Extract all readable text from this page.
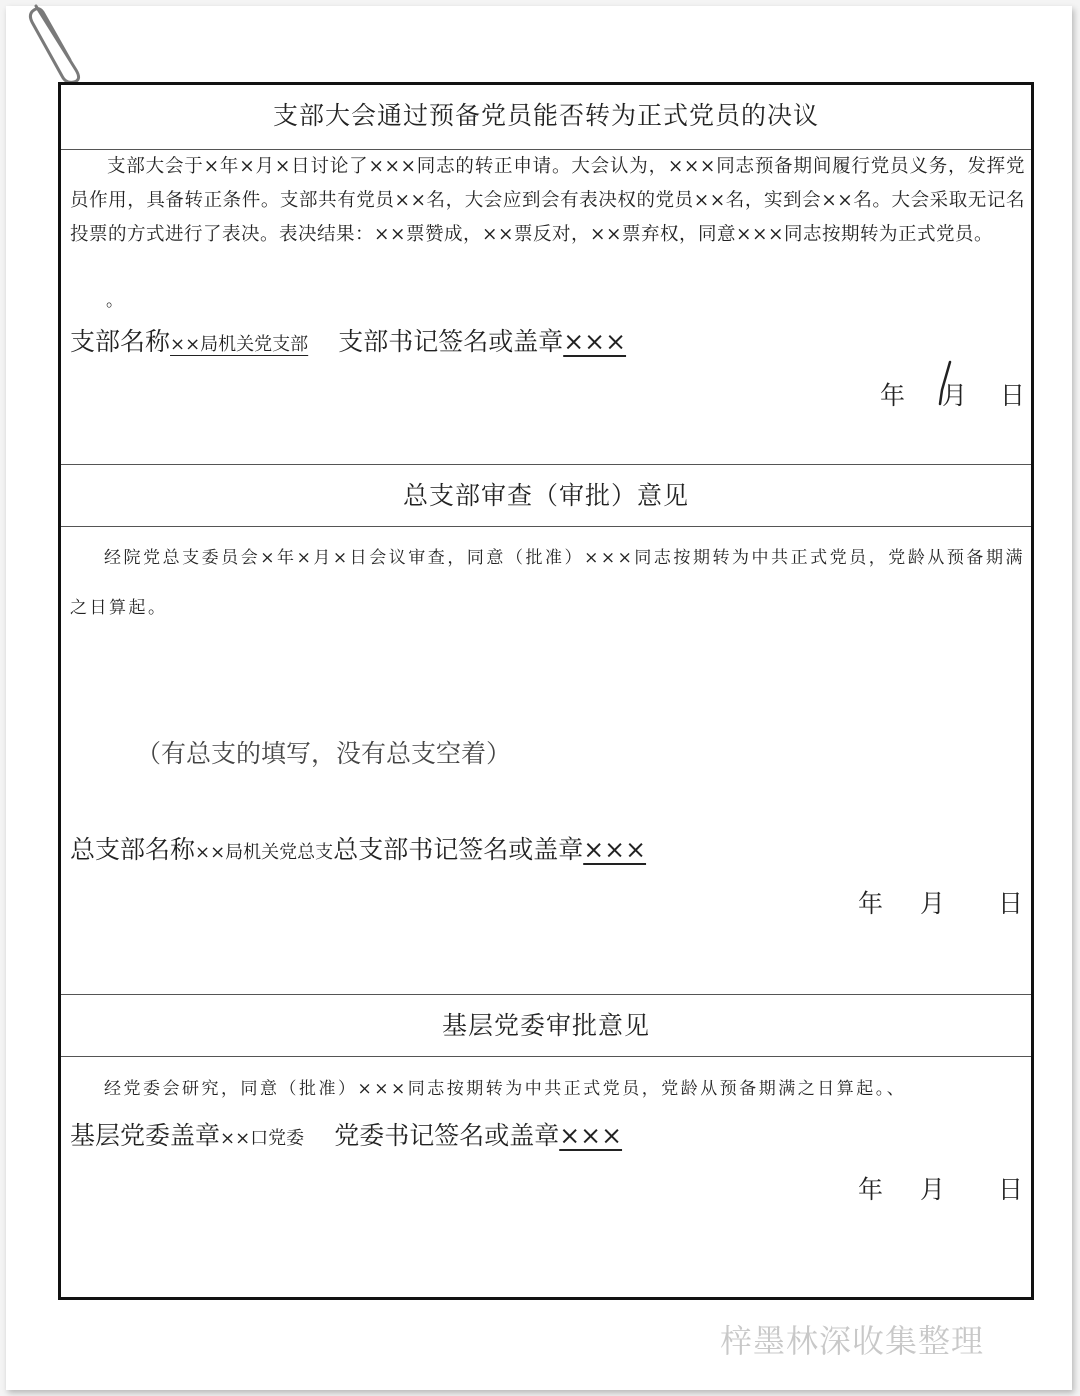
支部大会通过预备党员能否转为正式党员的决议
支部大会于×年×月×日讨论了×××同志的转正申请。大会认为，×××同志预备期间履行党员义务，发挥党员作用，具备转正条件。支部共有党员××名，大会应到会有表决权的党员××名，实到会××名。大会采取无记名投票的方式进行了表决。表决结果：××票赞成，××票反对，××票弃权，同意×××同志按期转为正式党员。
。
支部名称××局机关党支部 支部书记签名或盖章×××
年 月 日
总支部审查（审批）意见
经院党总支委员会×年×月×日会议审查，同意（批准）×××同志按期转为中共正式党员，党龄从预备期满之日算起。
（有总支的填写，没有总支空着）
总支部名称××局机关党总支总支部书记签名或盖章×××
年 月 日
基层党委审批意见
经党委会研究，同意（批准）×××同志按期转为中共正式党员，党龄从预备期满之日算起。、
基层党委盖章××口党委 党委书记签名或盖章×××
年 月 日
梓墨林深收集整理
